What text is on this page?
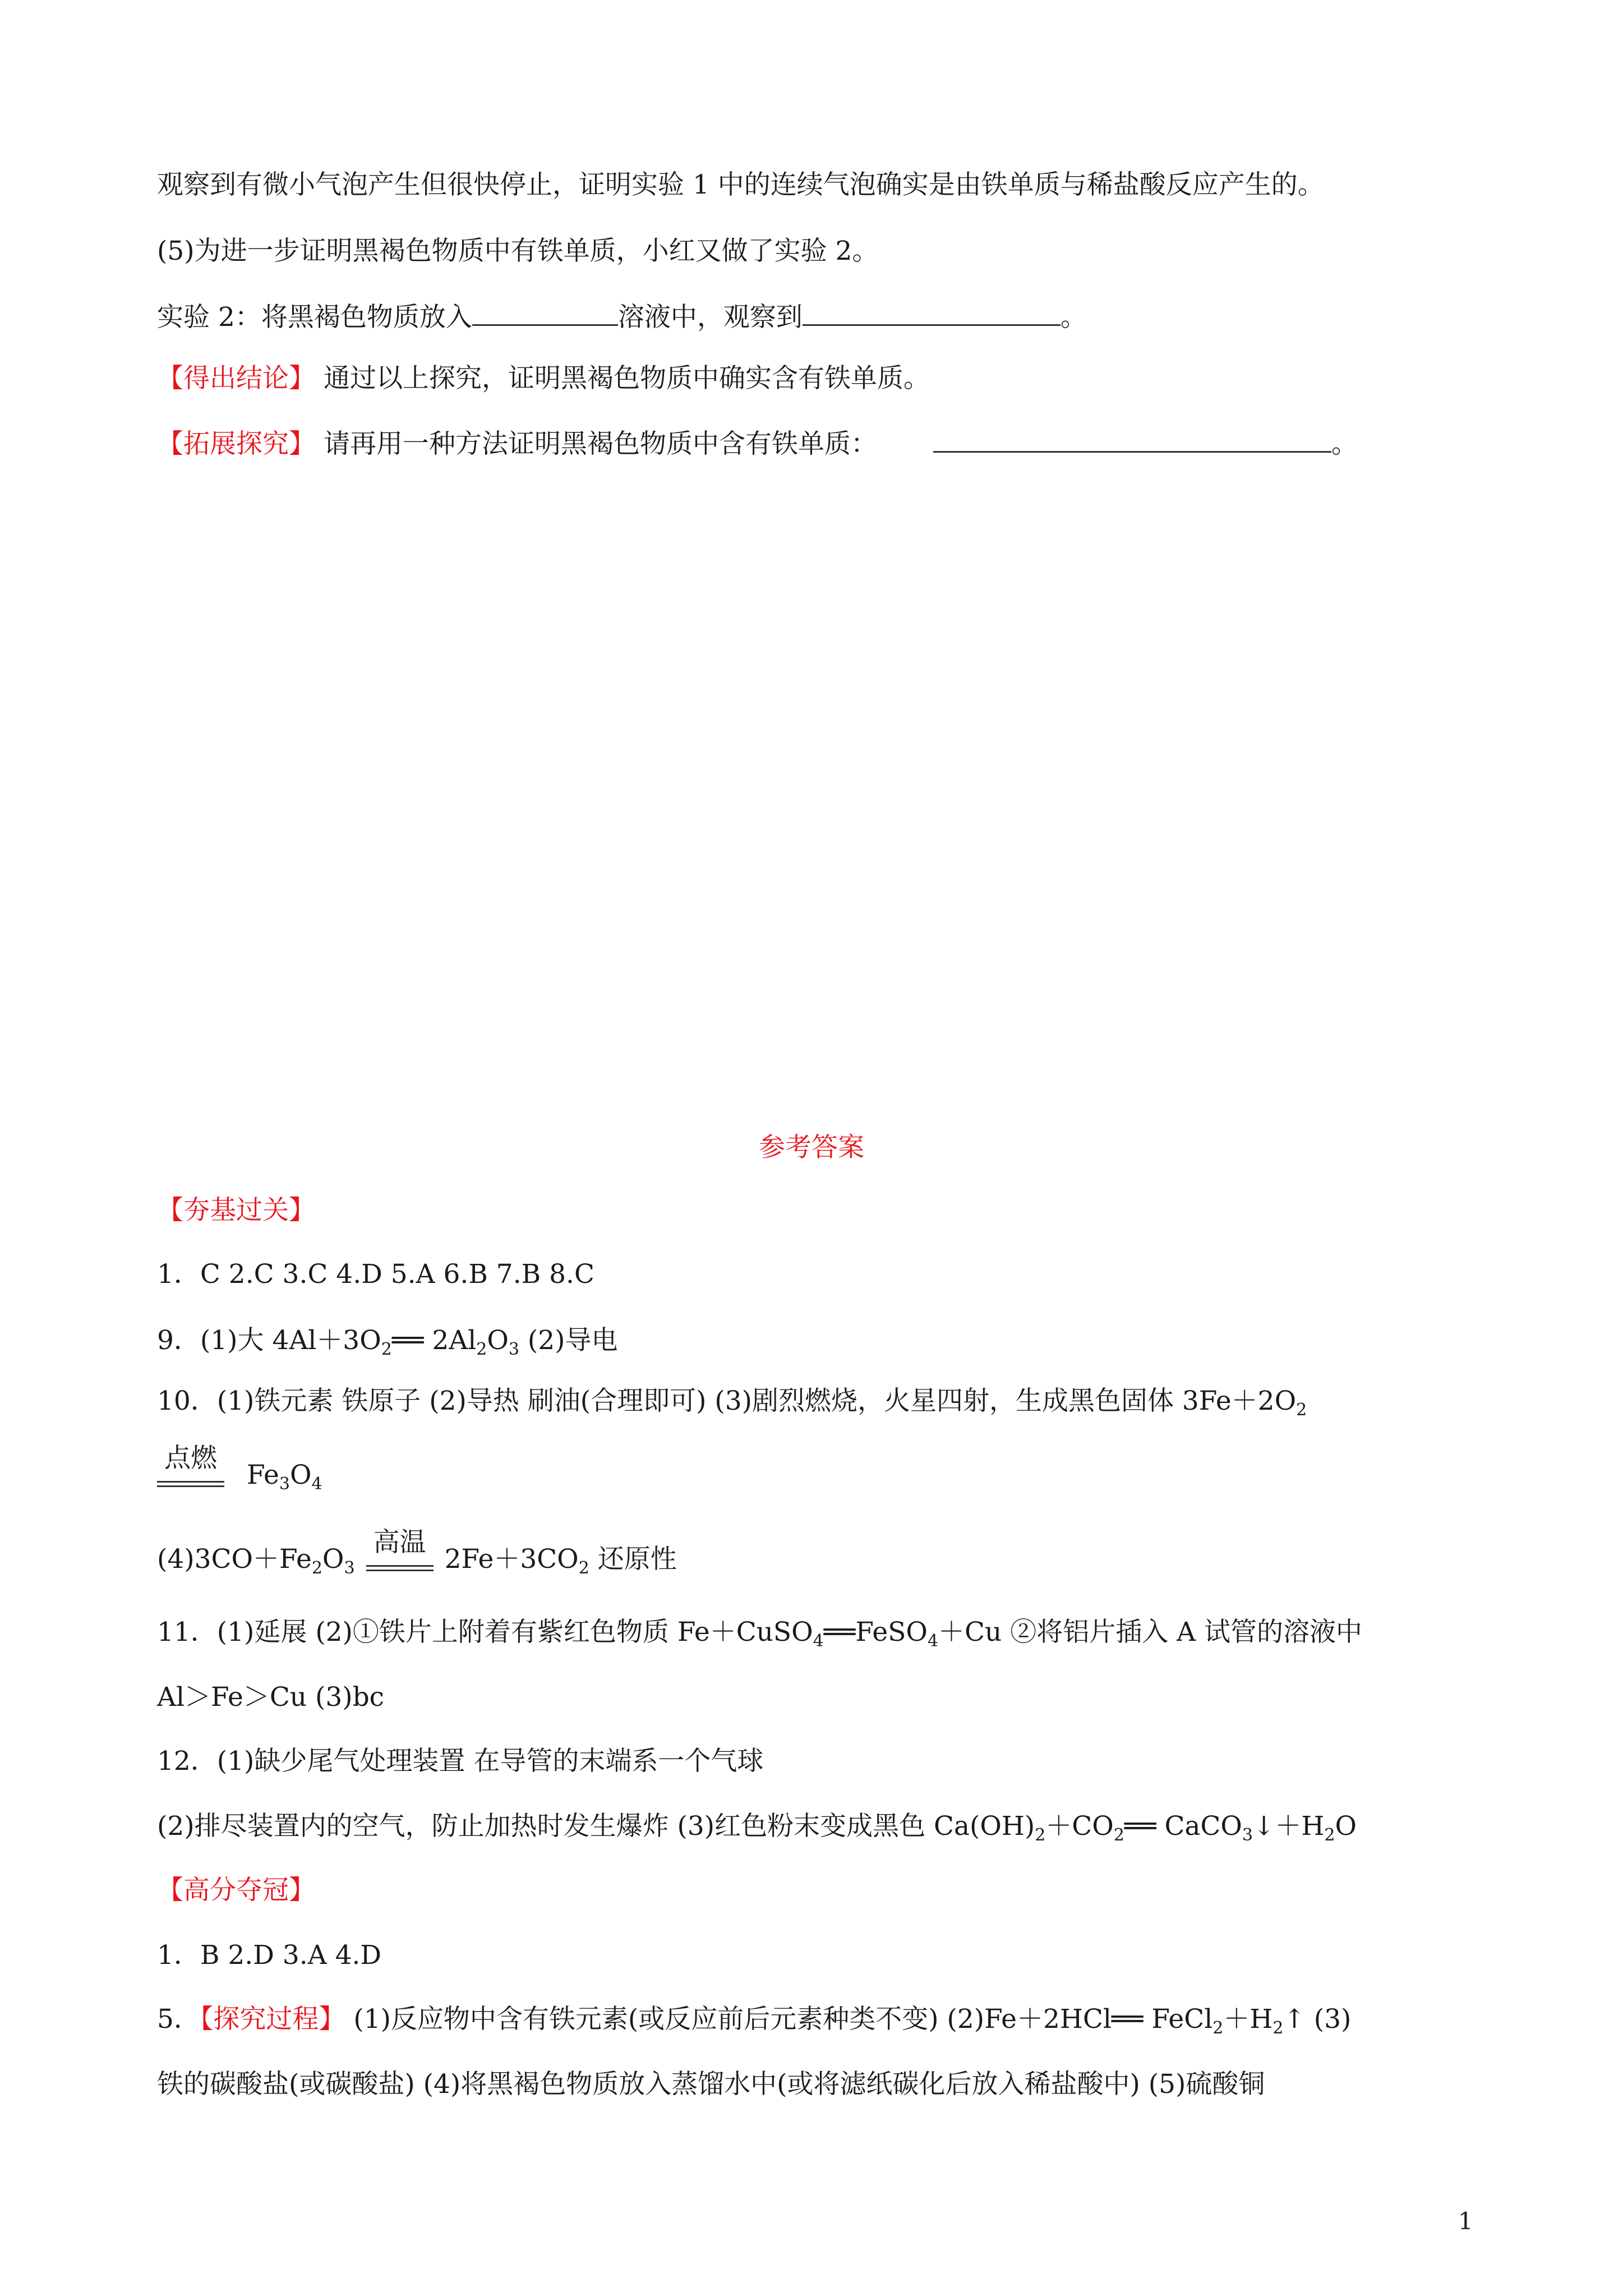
观察到有微小气泡产生但很快停止，证明实验 1 中的连续气泡确实是由铁单质与稀盐酸反应产生的。
(5)为进一步证明黑褐色物质中有铁单质，小红又做了实验 2。
实验 2：将黑褐色物质放入	溶液中，观察到	。
【得出结论】 通过以上探究，证明黑褐色物质中确实含有铁单质。
【拓展探究】 请再用一种方法证明黑褐色物质中含有铁单质：	。
参考答案
【夯基过关】
1．C 2.C 3.C 4.D 5.A 6.B 7.B 8.C
9．(1)大 $4Al+3O_2══$ $2Al_2O_3$ (2)导电
10．(1)铁元素 铁原子 (2)导热 刷油(合理即可) (3)剧烈燃烧，火星四射，生成黑色固体 $3Fe+2O_2$
点燃
$Fe_3O_4$
$(4)3CO+Fe_2O_3$
高温
$2Fe+3CO_2$ 还原性
11．(1)延展 (2)①铁片上附着有紫红色物质 Fe＋CuSO$_4$══FeSO$_4$＋Cu ②将铝片插入 A 试管的溶液中
Al＞Fe＞Cu (3)bc
12．(1)缺少尾气处理装置 在导管的末端系一个气球
(2)排尽装置内的空气，防止加热时发生爆炸 (3)红色粉末变成黑色 $Ca(OH)_2+CO_2══$ $CaCO_3↓+H_2O$
【高分夺冠】
1．B 2.D 3.A 4.D
5．【探究过程】 (1)反应物中含有铁元素(或反应前后元素种类不变) (2)Fe＋2HCl══ $FeCl_2+H_2↑$ (3)
铁的碳酸盐(或碳酸盐) (4)将黑褐色物质放入蒸馏水中(或将滤纸碳化后放入稀盐酸中) (5)硫酸铜
1
